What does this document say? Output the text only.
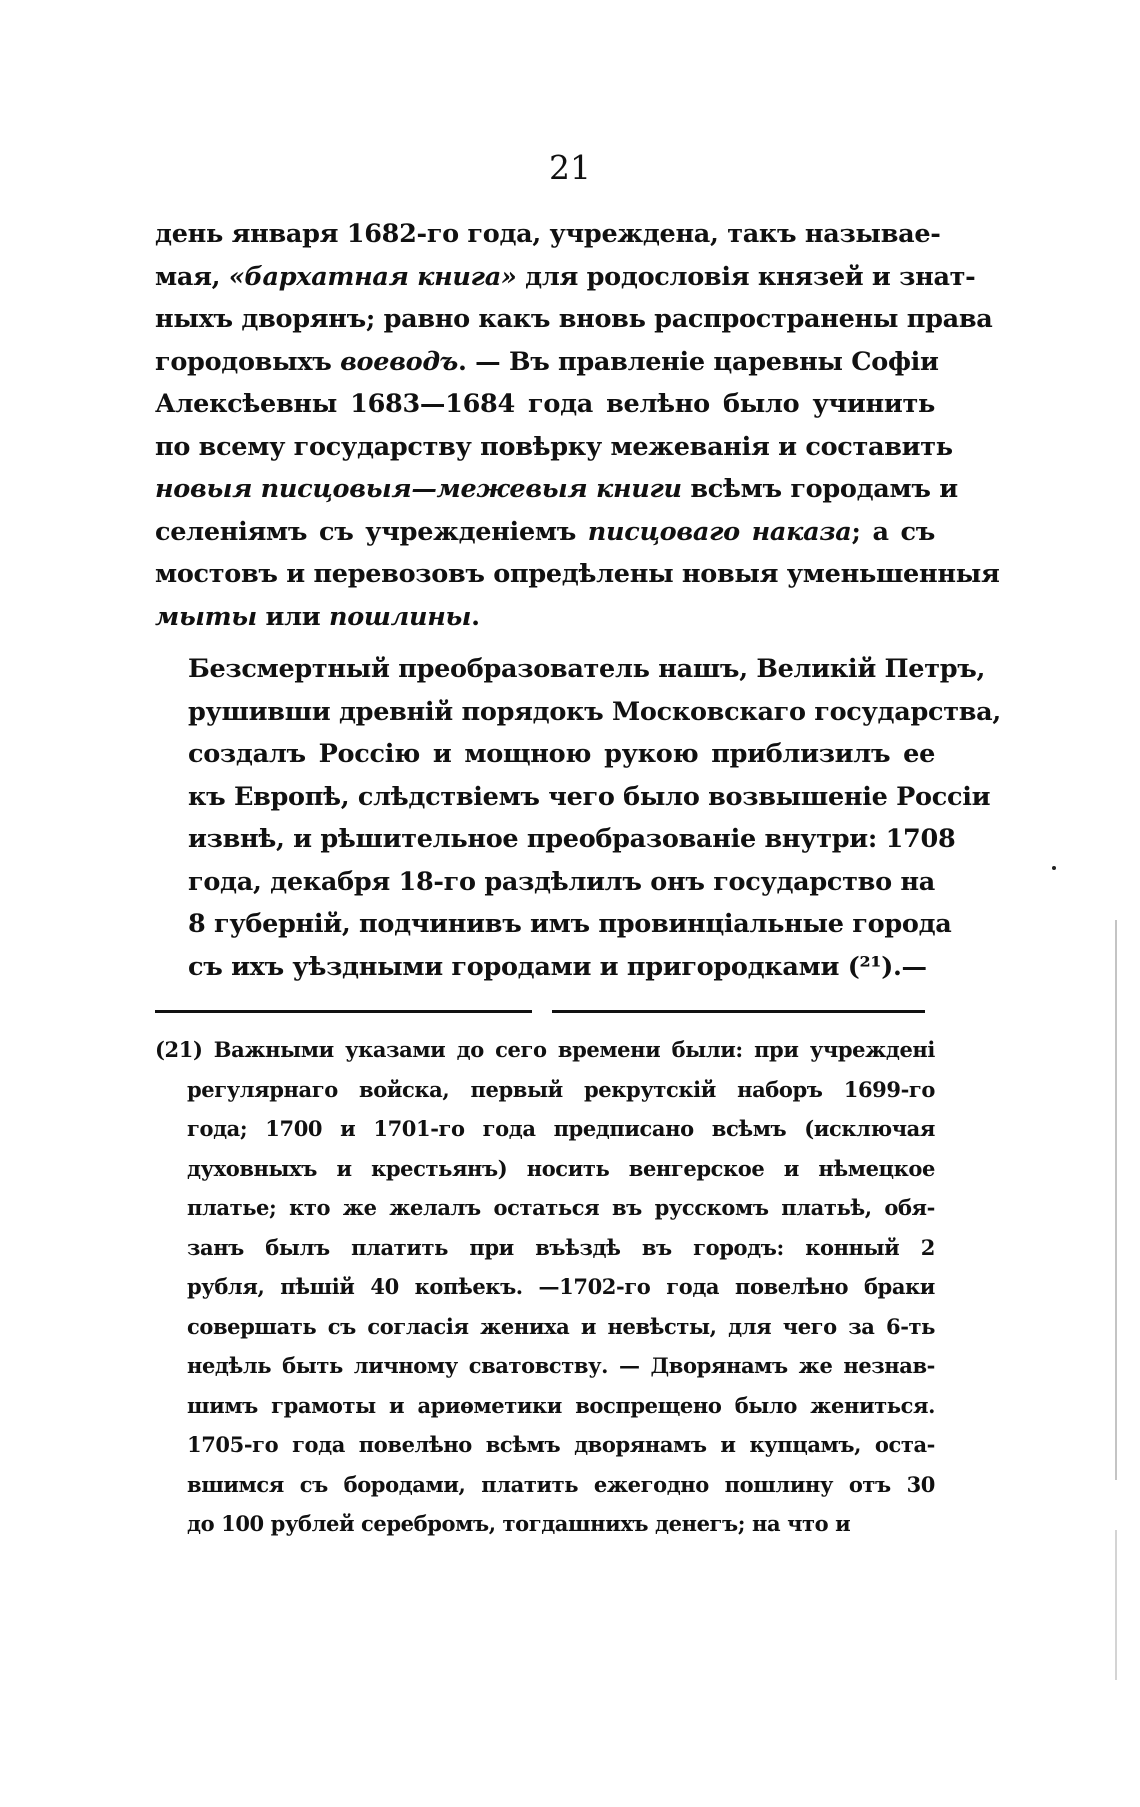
21

день января 1682-го года, учреждена, такъ называе-
мая, «бархатная книга» для родословія князей и знат-
ныхъ дворянъ; равно какъ вновь распространены права
городовыхъ воеводъ. — Въ правленіе царевны Софіи
Алексѣевны 1683—1684 года велѣно было учинить
по всему государству повѣрку межеванія и составить
новыя писцовыя—межевыя книги всѣмъ городамъ и
селеніямъ съ учрежденіемъ писцоваго наказа; а съ
мостовъ и перевозовъ опредѣлены новыя уменьшенныя
мыты или пошлины.

Безсмертный преобразователь нашъ, Великій Петръ,
рушивши древній порядокъ Московскаго государства,
создалъ Россію и мощною рукою приблизилъ ее
къ Европѣ, слѣдствіемъ чего было возвышеніе Россіи
извнѣ, и рѣшительное преобразованіе внутри: 1708
года, декабря 18-го раздѣлилъ онъ государство на
8 губерній, подчинивъ имъ провинціальные города
съ ихъ уѣздными городами и пригородками (²¹).—

(21) Важными указами до сего времени были: при учреждені
регулярнаго войска, первый рекрутскій наборъ 1699-го
года; 1700 и 1701-го года предписано всѣмъ (исключая
духовныхъ и крестьянъ) носить венгерское и нѣмецкое
платье; кто же желалъ остаться въ русскомъ платьѣ, обя-
занъ былъ платить при въѣздѣ въ городъ: конный 2
рубля, пѣшій 40 копѣекъ. —1702-го года повелѣно браки
совершать съ согласія жениха и невѣсты, для чего за 6-ть
недѣль быть личному сватовству. — Дворянамъ же незнав-
шимъ грамоты и ариѳметики воспрещено было жениться.
1705-го года повелѣно всѣмъ дворянамъ и купцамъ, оста-
вшимся съ бородами, платить ежегодно пошлину отъ 30
до 100 рублей серебромъ, тогдашнихъ денегъ; на что и
